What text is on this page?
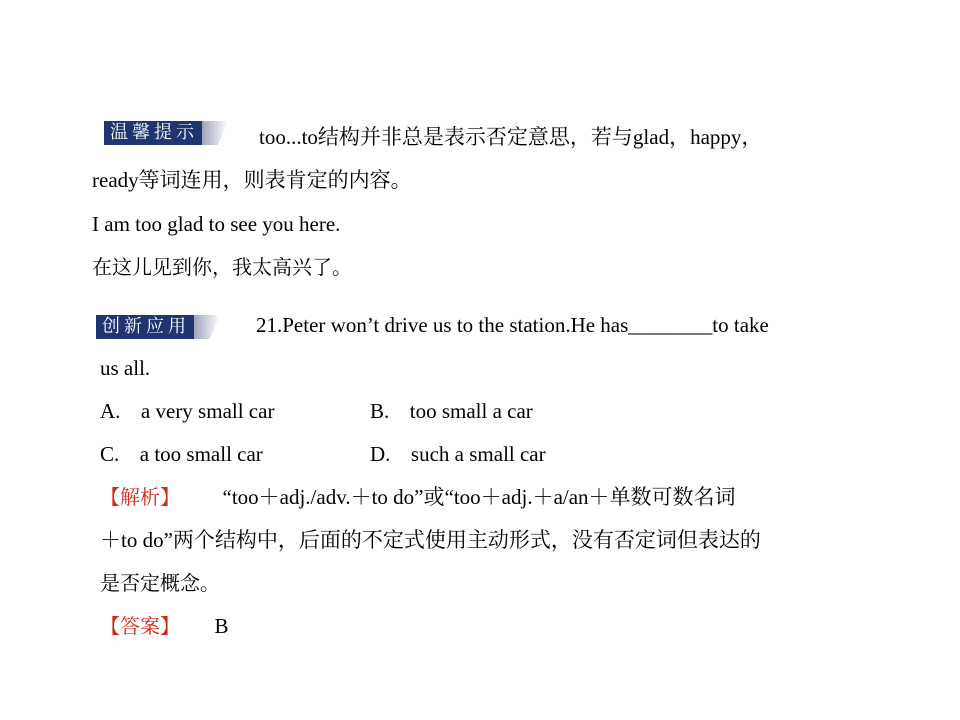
温馨提示	too...to结构并非总是表示否定意思，若与glad，happy，
ready等词连用，则表肯定的内容。
I am too glad to see you here.
在这儿见到你，我太高兴了。
创新应用	21.Peter won’t drive us to the station.He has________to take
us all.
A. a very small car	B. too small a car
C. a too small car	D. such a small car
【解析】 “too＋adj./adv.＋to do”或“too＋adj.＋a/an＋单数可数名词
＋to do”两个结构中，后面的不定式使用主动形式，没有否定词但表达的
是否定概念。
【答案】 B
